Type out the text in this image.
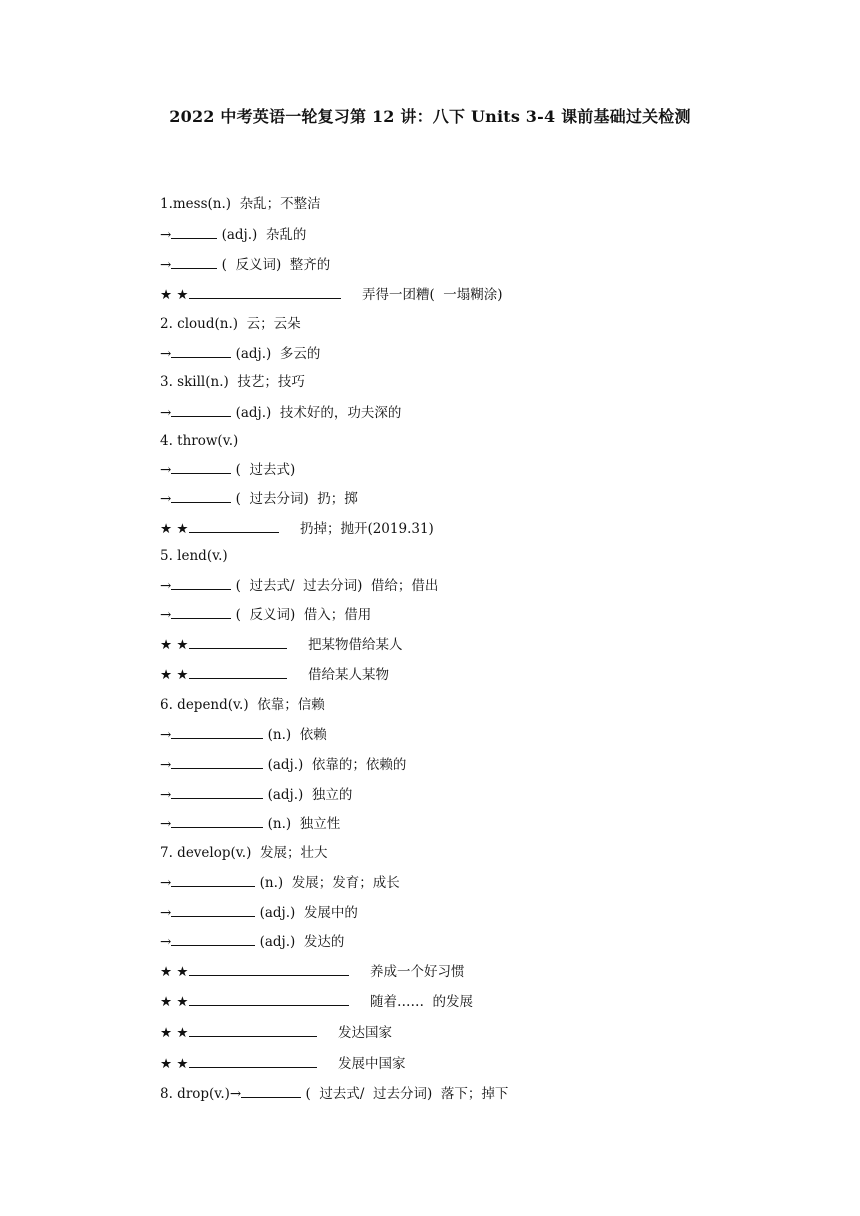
2022 中考英语一轮复习第 12 讲：八下 Units 3-4 课前基础过关检测
1.mess(n.)  杂乱；不整洁
→	(adj.)  杂乱的
→	(  反义词)  整齐的
★ ★	弄得一团糟(  一塌糊涂)
2. cloud(n.)  云；云朵
→	(adj.)  多云的
3. skill(n.)  技艺；技巧
→	(adj.)  技术好的，功夫深的
4. throw(v.)
→	(  过去式)
→	(  过去分词)  扔；掷
★ ★	扔掉；抛开(2019.31)
5. lend(v.)
→	(  过去式/  过去分词)  借给；借出
→	(  反义词)  借入；借用
★ ★	把某物借给某人
★ ★	借给某人某物
6. depend(v.)  依靠；信赖
→	(n.)  依赖
→	(adj.)  依靠的；依赖的
→	(adj.)  独立的
→	(n.)  独立性
7. develop(v.)  发展；壮大
→	(n.)  发展；发育；成长
→	(adj.)  发展中的
→	(adj.)  发达的
★ ★	养成一个好习惯
★ ★	随着……  的发展
★ ★	发达国家
★ ★	发展中国家
8. drop(v.)→	(  过去式/  过去分词)  落下；掉下
